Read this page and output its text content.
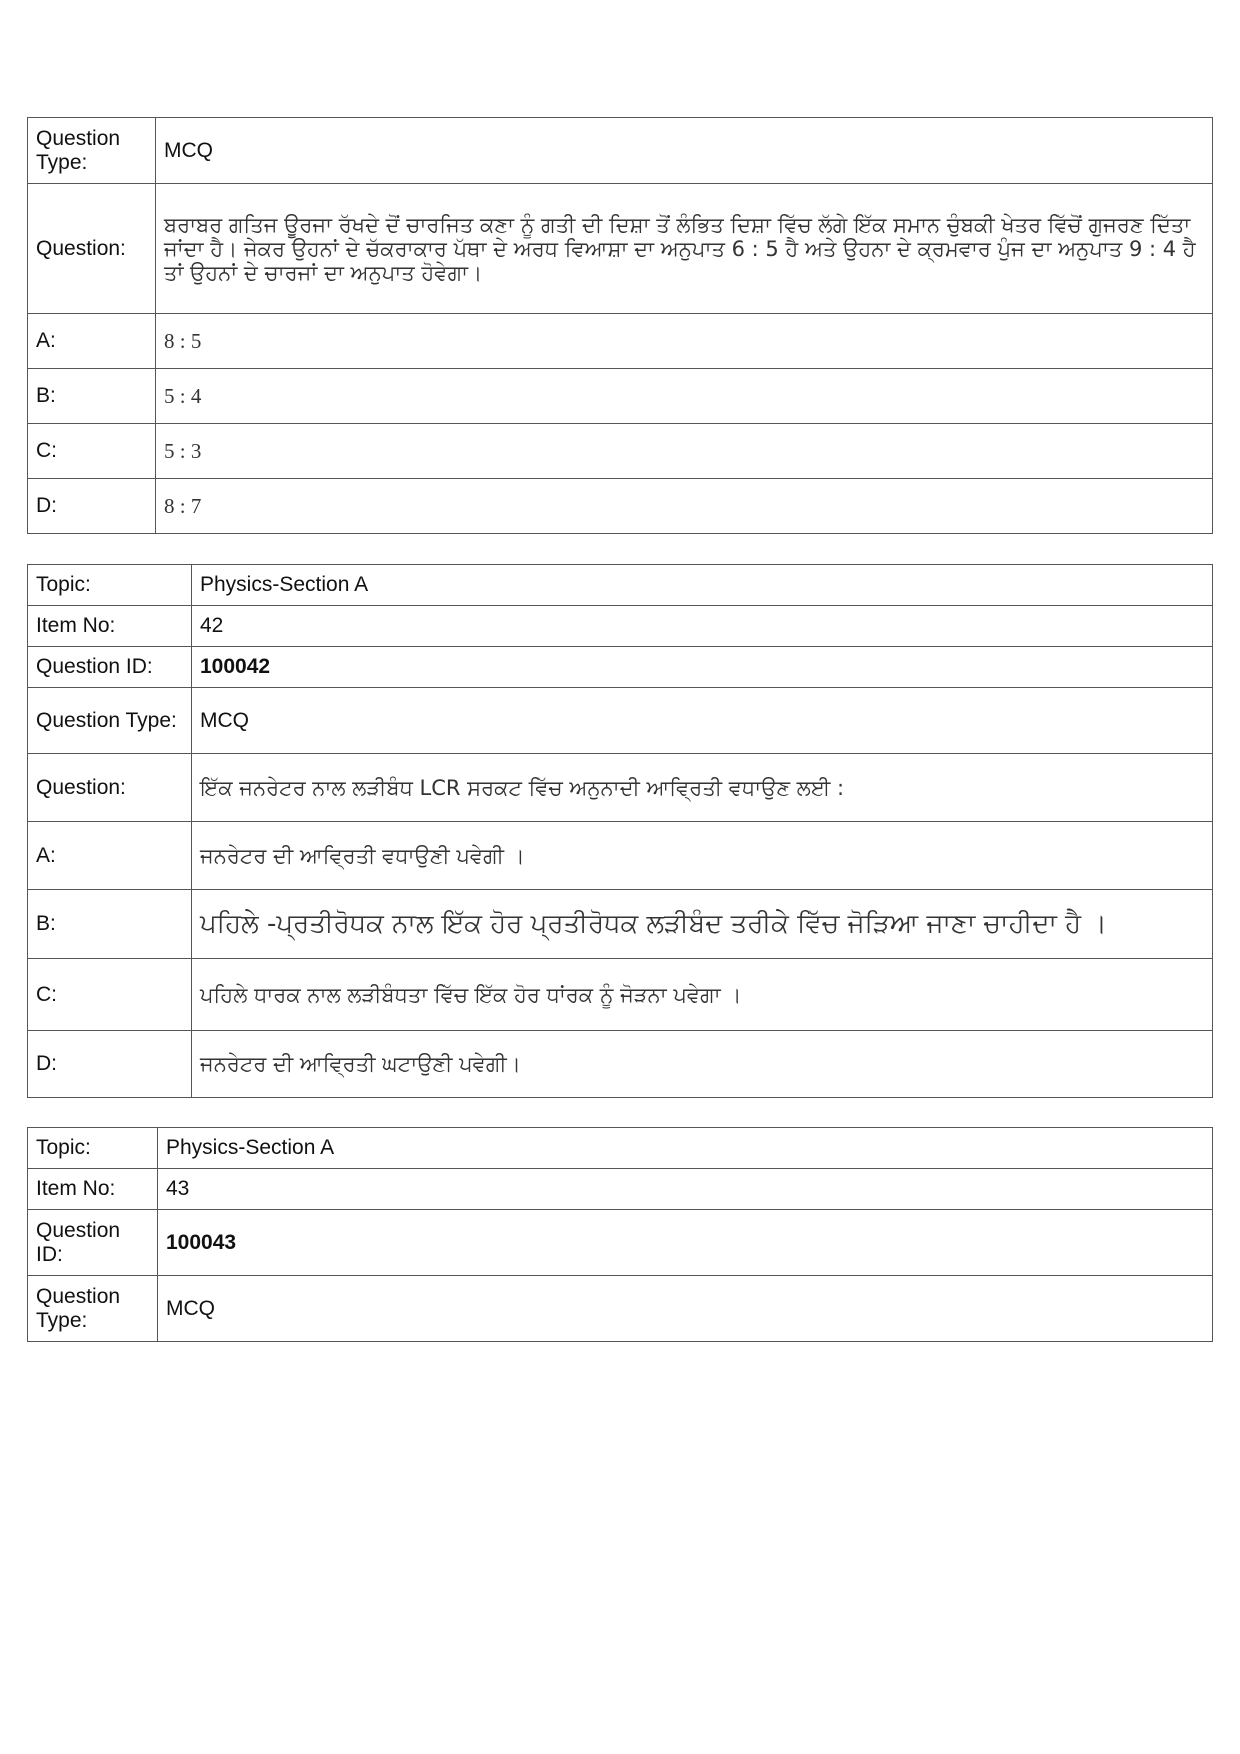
Question Type:	MCQ
Question:	ਬਰਾਬਰ ਗਤਿਜ ਊਰਜਾ ਰੱਖਦੇ ਦੋਂ ਚਾਰਜਿਤ ਕਣਾ ਨੂੰ ਗਤੀ ਦੀ ਦਿਸ਼ਾ ਤੋਂ ਲੰਭਿਤ ਦਿਸ਼ਾ ਵਿੱਚ ਲੱਗੇ ਇੱਕ ਸਮਾਨ ਚੁੰਬਕੀ ਖੇਤਰ ਵਿੱਚੋਂ ਗੁਜਰਣ ਦਿੱਤਾ ਜਾਂਦਾ ਹੈ। ਜੇਕਰ ਉਹਨਾਂ ਦੇ ਚੱਕਰਾਕਾਰ ਪੱਥਾ ਦੇ ਅਰਧ ਵਿਆਸ਼ਾ ਦਾ ਅਨੁਪਾਤ 6 : 5 ਹੈ ਅਤੇ ਉਹਨਾ ਦੇ ਕ੍ਰਮਵਾਰ ਪੁੰਜ ਦਾ ਅਨੁਪਾਤ 9 : 4 ਹੈ ਤਾਂ ਉਹਨਾਂ ਦੇ ਚਾਰਜਾਂ ਦਾ ਅਨੁਪਾਤ ਹੋਵੇਗਾ।
A:	8 : 5
B:	5 : 4
C:	5 : 3
D:	8 : 7
Topic:	Physics-Section A
Item No:	42
Question ID:	100042
Question Type:	MCQ
Question:	ਇੱਕ ਜਨਰੇਟਰ ਨਾਲ ਲੜੀਬੰਧ LCR ਸਰਕਟ ਵਿੱਚ ਅਨੁਨਾਦੀ ਆਵ੍ਰਿਤੀ ਵਧਾਉਣ ਲਈ :
A:	ਜਨਰੇਟਰ ਦੀ ਆਵ੍ਰਿਤੀ ਵਧਾਉਣੀ ਪਵੇਗੀ ।
B:	ਪਹਿਲੇ -ਪ੍ਰਤੀਰੋਧਕ ਨਾਲ ਇੱਕ ਹੋਰ ਪ੍ਰਤੀਰੋਧਕ ਲੜੀਬੰਦ ਤਰੀਕੇ ਵਿੱਚ ਜੋੜਿਆ ਜਾਣਾ ਚਾਹੀਦਾ ਹੈ ।
C:	ਪਹਿਲੇ ਧਾਰਕ ਨਾਲ ਲੜੀਬੰਧਤਾ ਵਿੱਚ ਇੱਕ ਹੋਰ ਧਾਂਰਕ ਨੂੰ ਜੋੜਨਾ ਪਵੇਗਾ ।
D:	ਜਨਰੇਟਰ ਦੀ ਆਵ੍ਰਿਤੀ ਘਟਾਉਣੀ ਪਵੇਗੀ।
Topic:	Physics-Section A
Item No:	43
Question ID:	100043
Question Type:	MCQ
